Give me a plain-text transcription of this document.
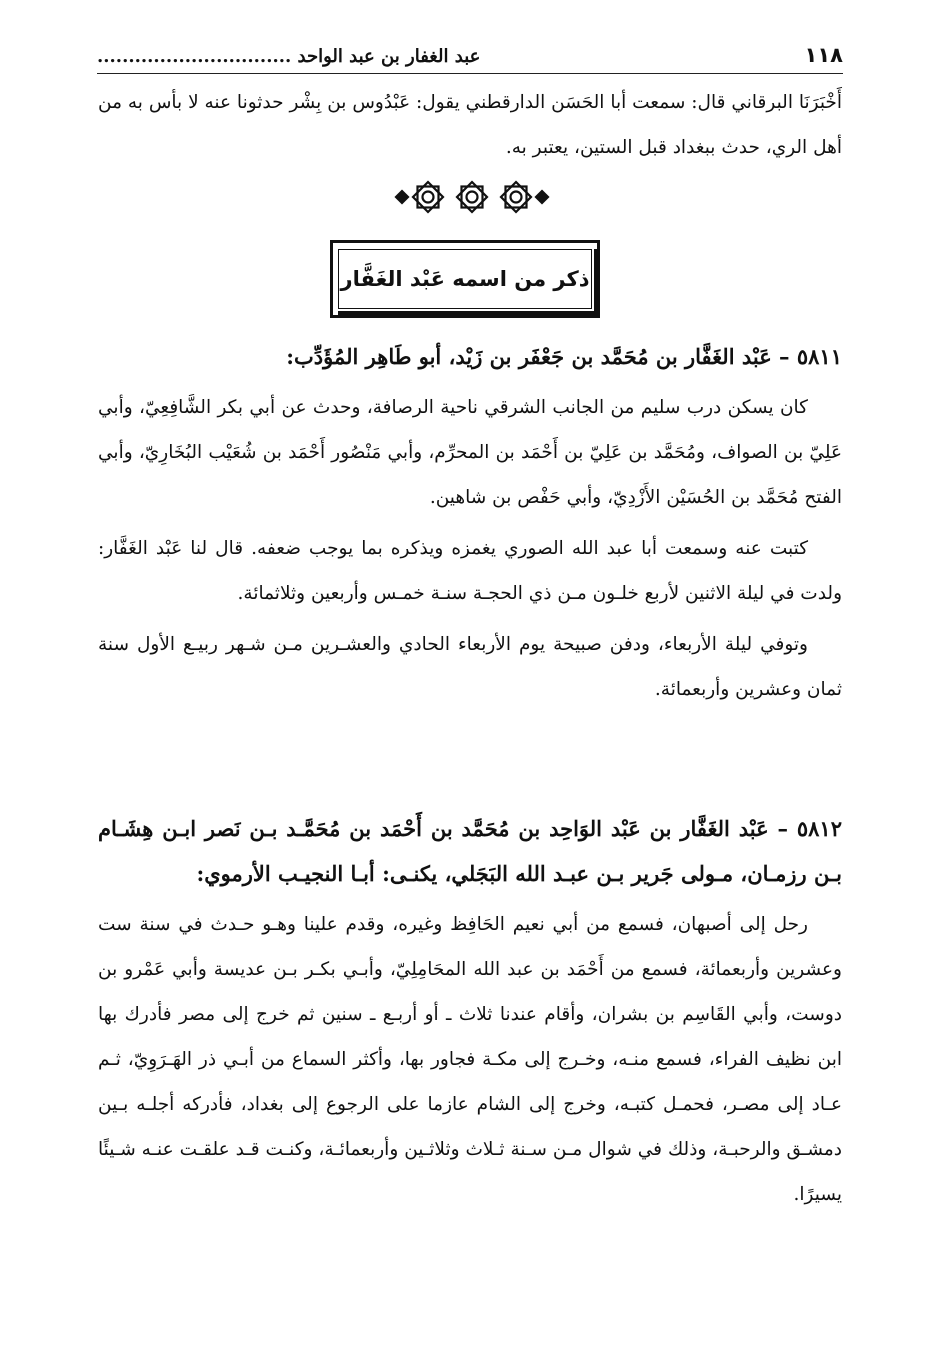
١١٨
عبد الغفار بن عبد الواحد ...............................

أَخْبَرَنَا البرقاني قال: سمعت أبا الحَسَن الدارقطني يقول: عَبْدُوس بن بِشْر حدثونا عنه لا بأس به من أهل الري، حدث ببغداد قبل الستين، يعتبر به.

ذكر من اسمه عَبْد الغَفَّار

٥٨١١ – عَبْد الغَفَّار بن مُحَمَّد بن جَعْفَر بن زَيْد، أبو طَاهِر المُؤَدِّب:

كان يسكن درب سليم من الجانب الشرقي ناحية الرصافة، وحدث عن أبي بكر الشَّافِعِيّ، وأبي عَلِيّ بن الصواف، ومُحَمَّد بن عَلِيّ بن أَحْمَد بن المحرِّم، وأبي مَنْصُور أَحْمَد بن شُعَيْب البُخَارِيّ، وأبي الفتح مُحَمَّد بن الحُسَيْن الأَزْدِيّ، وأبي حَفْص بن شاهين.

كتبت عنه وسمعت أبا عبد الله الصوري يغمزه ويذكره بما يوجب ضعفه. قال لنا عَبْد الغَفَّار: ولدت في ليلة الاثنين لأربع خلـون مـن ذي الحجـة سنـة خمـس وأربعين وثلاثمائة.

وتوفي ليلة الأربعاء، ودفن صبيحة يوم الأربعاء الحادي والعشـرين مـن شـهر ربيـع الأول سنة ثمان وعشرين وأربعمائة.

٥٨١٢ – عَبْد الغَفَّار بن عَبْد الوَاحِد بن مُحَمَّد بن أَحْمَد بن مُحَمَّـد بـن نَصر ابـن هِشَـام بـن رزمـان، مـولى جَرير بـن عبـد الله البَجَلي، يكنـى: أبـا النجيـب الأرموي:

رحل إلى أصبهان، فسمع من أبي نعيم الحَافِظ وغيره، وقدم علينا وهـو حـدث في سنة ست وعشرين وأربعمائة، فسمع من أَحْمَد بن عبد الله المحَامِلِيّ، وأبـي بكـر بـن عديسة وأبي عَمْرو بن دوست، وأبي القَاسِم بن بشران، وأقام عندنا ثلاث ـ أو أربـع ـ سنين ثم خرج إلى مصر فأدرك بها ابن نظيف الفراء، فسمع منـه، وخـرج إلى مكـة فجاور بها، وأكثر السماع من أبـي ذر الهَـرَوِيّ، ثـم عـاد إلى مصـر، فحمـل كتبـه، وخرج إلى الشام عازما على الرجوع إلى بغداد، فأدركه أجلـه بـين دمشـق والرحبـة، وذلك في شوال مـن سـنة ثـلاث وثلاثـين وأربعمائـة، وكنـت قـد علقـت عنـه شـيئًا يسيرًا.
